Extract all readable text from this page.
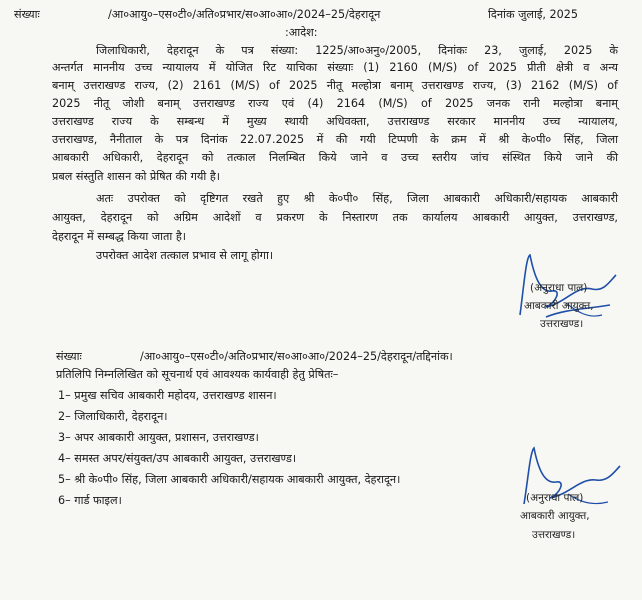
संख्याः	/आ०आयु०–एस०टी०/अति०प्रभार/स०आ०आ०/2024–25/देहरादून	दिनांक जुलाई, 2025
:आदेश:
जिलाधिकारी, देहरादून के पत्र संख्या: 1225/आ०अनु०/2005, दिनांकः 23, जुलाई, 2025 के
अन्तर्गत माननीय उच्च न्यायालय में योजित रिट याचिका संख्याः (1) 2160 (M/S) of 2025 प्रीती क्षेत्री व अन्य
बनाम् उत्तराखण्ड राज्य, (2) 2161 (M/S) of 2025 नीतू मल्होत्रा बनाम् उत्तराखण्ड राज्य, (3) 2162 (M/S) of
2025 नीतू जोशी बनाम् उत्तराखण्ड राज्य एवं (4) 2164 (M/S) of 2025 जनक रानी मल्होत्रा बनाम्
उत्तराखण्ड राज्य के सम्बन्ध में मुख्य स्थायी अधिवक्ता, उत्तराखण्ड सरकार माननीय उच्च न्यायालय,
उत्तराखण्ड, नैनीताल के पत्र दिनांक 22.07.2025 में की गयी टिप्पणी के क्रम में श्री के०पी० सिंह, जिला
आबकारी अधिकारी, देहरादून को तत्काल निलम्बित किये जाने व उच्च स्तरीय जांच संस्थित किये जाने की
प्रबल संस्तुति शासन को प्रेषित की गयी है।
अतः उपरोक्त को दृष्टिगत रखते हुए श्री के०पी० सिंह, जिला आबकारी अधिकारी/सहायक आबकारी
आयुक्त, देहरादून को अग्रिम आदेशों व प्रकरण के निस्तारण तक कार्यालय आबकारी आयुक्त, उत्तराखण्ड,
देहरादून में सम्बद्ध किया जाता है।
उपरोक्त आदेश तत्काल प्रभाव से लागू होगा।
(अनुराधा पाल)
आबकारी आयुक्त,
उत्तराखण्ड।
संख्याः	/आ०आयु०–एस०टी०/अति०प्रभार/स०आ०आ०/2024–25/देहरादून/तद्दिनांक।
प्रतिलिपि निम्नलिखित को सूचनार्थ एवं आवश्यक कार्यवाही हेतु प्रेषितः–
1– प्रमुख सचिव आबकारी महोदय, उत्तराखण्ड शासन।
2– जिलाधिकारी, देहरादून।
3– अपर आबकारी आयुक्त, प्रशासन, उत्तराखण्ड।
4– समस्त अपर/संयुक्त/उप आबकारी आयुक्त, उत्तराखण्ड।
5– श्री के०पी० सिंह, जिला आबकारी अधिकारी/सहायक आबकारी आयुक्त, देहरादून।
6– गार्ड फाइल।	(अनुराधा पाल)
आबकारी आयुक्त,
उत्तराखण्ड।
